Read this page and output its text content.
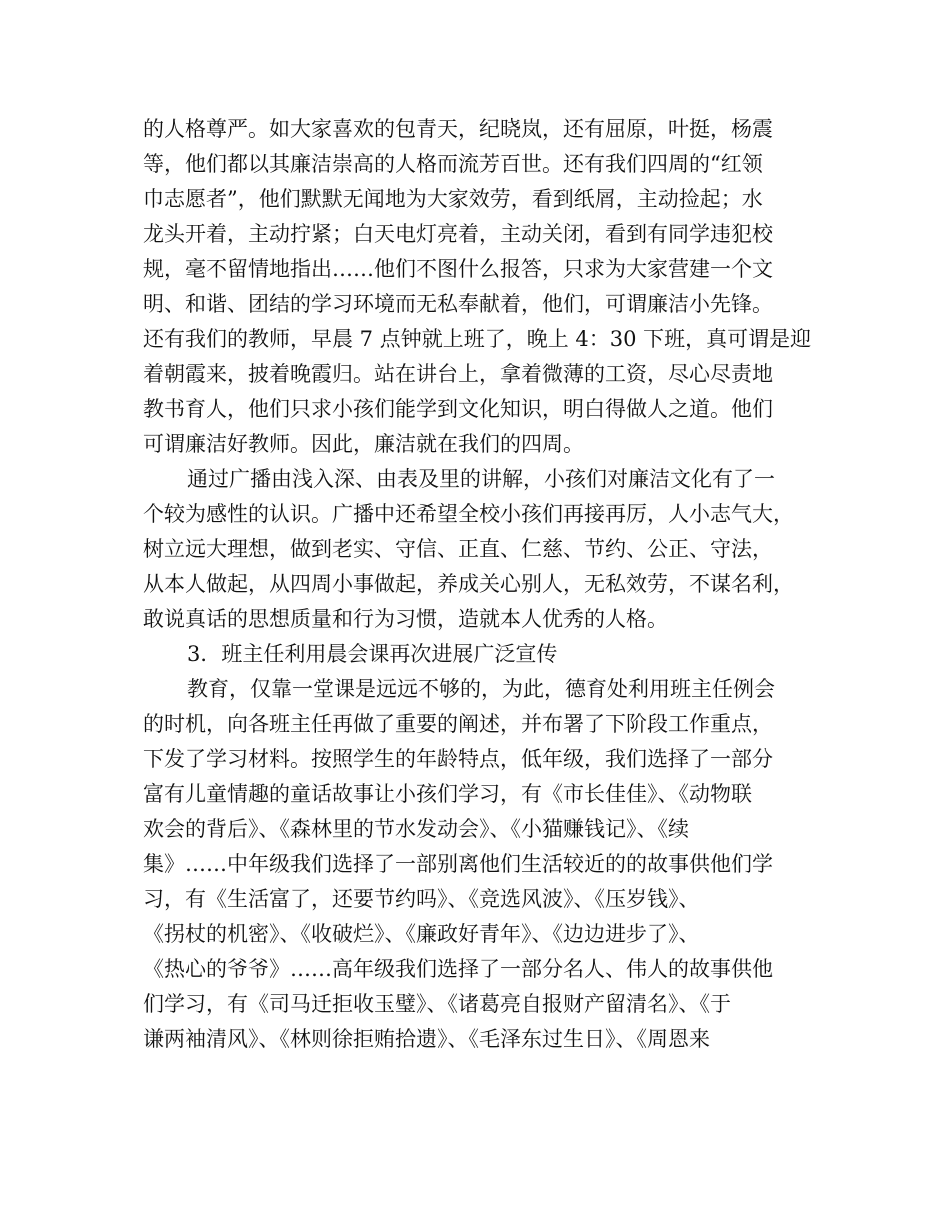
的人格尊严。如大家喜欢的包青天，纪晓岚，还有屈原，叶挺，杨震
等，他们都以其廉洁崇高的人格而流芳百世。还有我们四周的“红领
巾志愿者”，他们默默无闻地为大家效劳，看到纸屑，主动捡起；水
龙头开着，主动拧紧；白天电灯亮着，主动关闭，看到有同学违犯校
规，毫不留情地指出……他们不图什么报答，只求为大家营建一个文
明、和谐、团结的学习环境而无私奉献着，他们，可谓廉洁小先锋。
还有我们的教师，早晨 7 点钟就上班了，晚上 4：30 下班，真可谓是迎
着朝霞来，披着晚霞归。站在讲台上，拿着微薄的工资，尽心尽责地
教书育人，他们只求小孩们能学到文化知识，明白得做人之道。他们
可谓廉洁好教师。因此，廉洁就在我们的四周。
通过广播由浅入深、由表及里的讲解，小孩们对廉洁文化有了一
个较为感性的认识。广播中还希望全校小孩们再接再厉，人小志气大，
树立远大理想，做到老实、守信、正直、仁慈、节约、公正、守法，
从本人做起，从四周小事做起，养成关心别人，无私效劳，不谋名利，
敢说真话的思想质量和行为习惯，造就本人优秀的人格。
3．班主任利用晨会课再次进展广泛宣传
教育，仅靠一堂课是远远不够的，为此，德育处利用班主任例会
的时机，向各班主任再做了重要的阐述，并布署了下阶段工作重点，
下发了学习材料。按照学生的年龄特点，低年级，我们选择了一部分
富有儿童情趣的童话故事让小孩们学习，有《市长佳佳》、《动物联
欢会的背后》、《森林里的节水发动会》、《小猫赚钱记》、《续
集》……中年级我们选择了一部别离他们生活较近的的故事供他们学
习，有《生活富了，还要节约吗》、《竞选风波》、《压岁钱》、
《拐杖的机密》、《收破烂》、《廉政好青年》、《边边进步了》、
《热心的爷爷》……高年级我们选择了一部分名人、伟人的故事供他
们学习，有《司马迁拒收玉璧》、《诸葛亮自报财产留清名》、《于
谦两袖清风》、《林则徐拒贿拾遗》、《毛泽东过生日》、《周恩来
